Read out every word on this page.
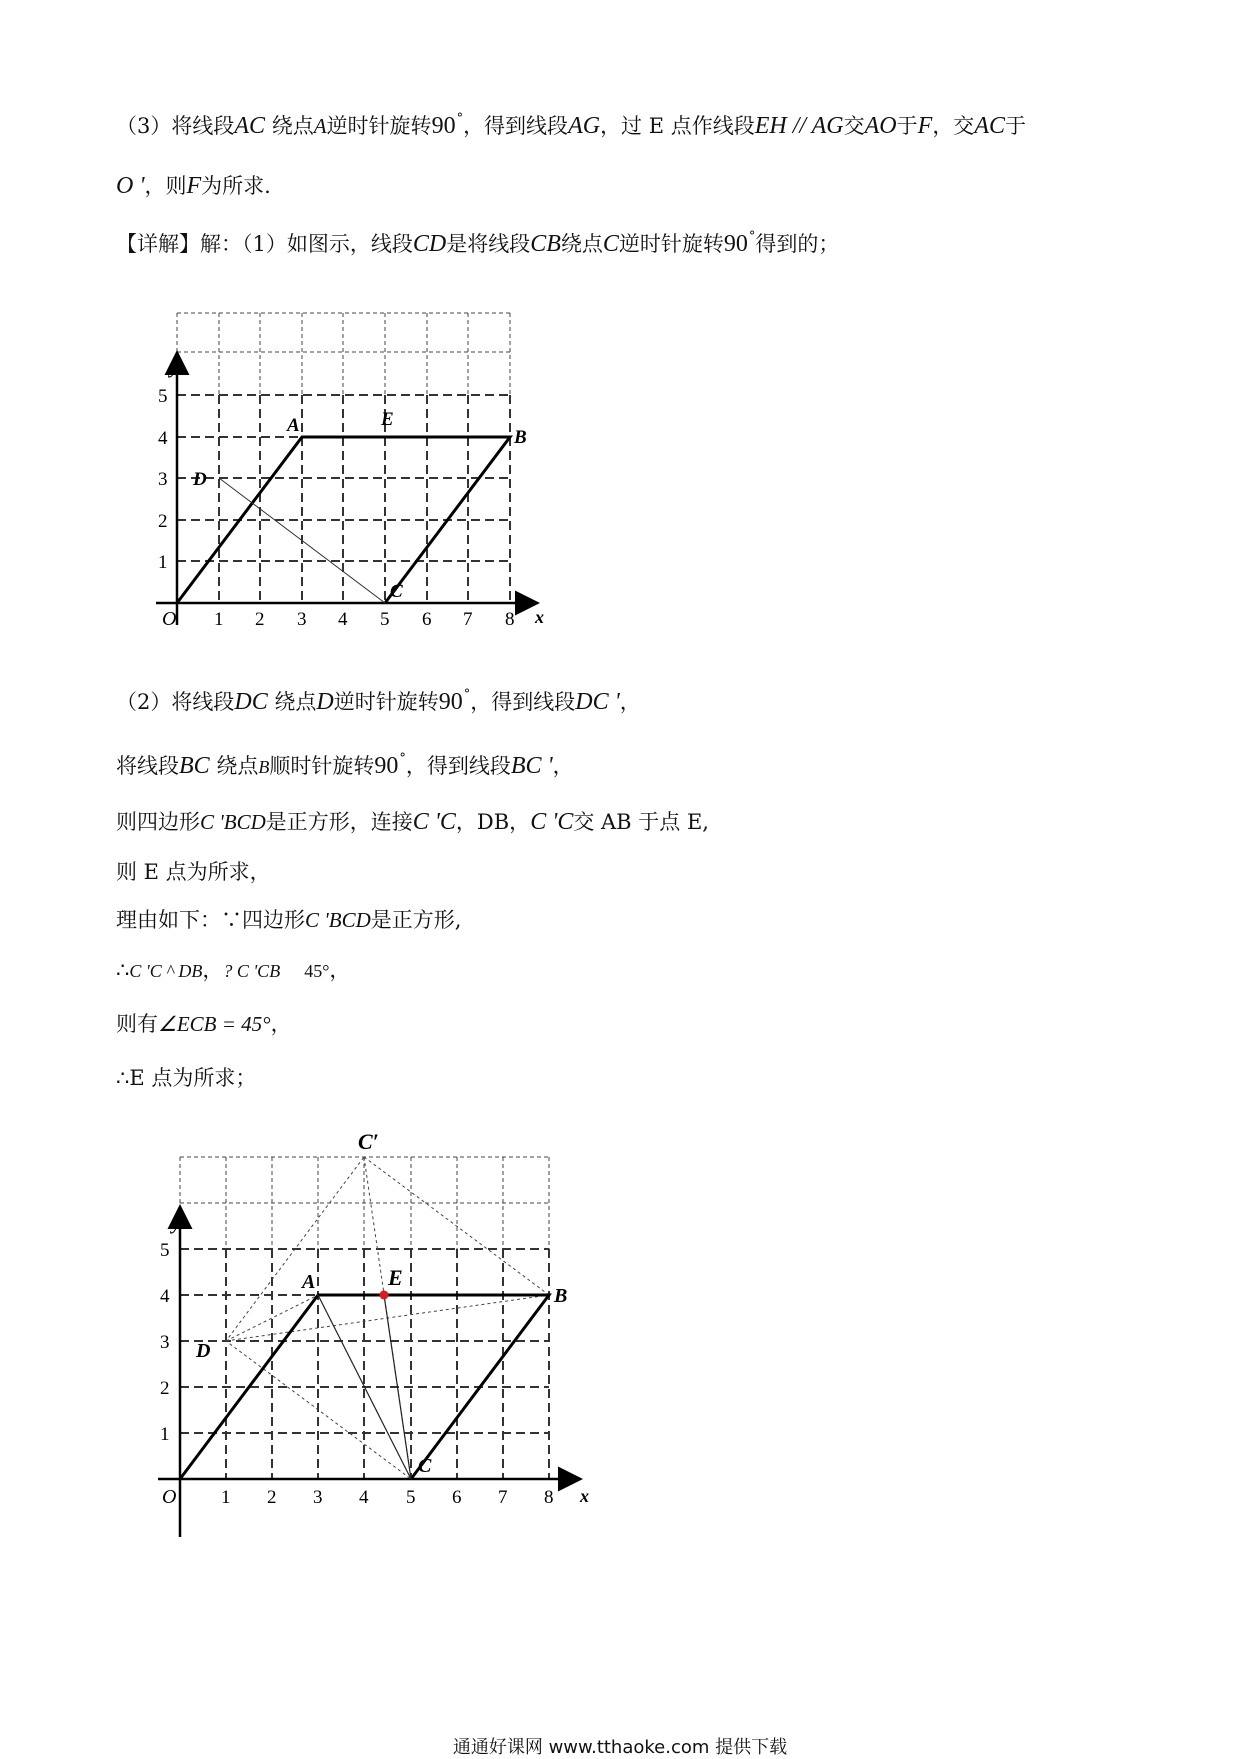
（3）将线段AC 绕点A逆时针旋转90°，得到线段AG，过 E 点作线段EH // AG交AO于F，交AC于
O '，则F为所求.
【详解】解：（1）如图示，线段CD是将线段CB绕点C逆时针旋转90°得到的；
y
x
O 1 2 3 4 5 6 7 8
1
2
3
4
5
A
B
C
D
E
（2）将线段DC 绕点D逆时针旋转90°，得到线段DC '，
将线段BC 绕点B顺时针旋转90°，得到线段BC '，
则四边形C 'BCD是正方形，连接C 'C，DB，C 'C交 AB 于点 E,
则 E 点为所求，
理由如下：∵四边形C 'BCD是正方形,
∴C 'C ^ DB，? C 'CB 45°，
则有∠ECB = 45°，
∴E 点为所求；
y
x
O 1 2 3 4 5 6 7 8
1
2
3
4
5
A
B
C
D
E
C′
通通好课网 www.tthaoke.com 提供下载
